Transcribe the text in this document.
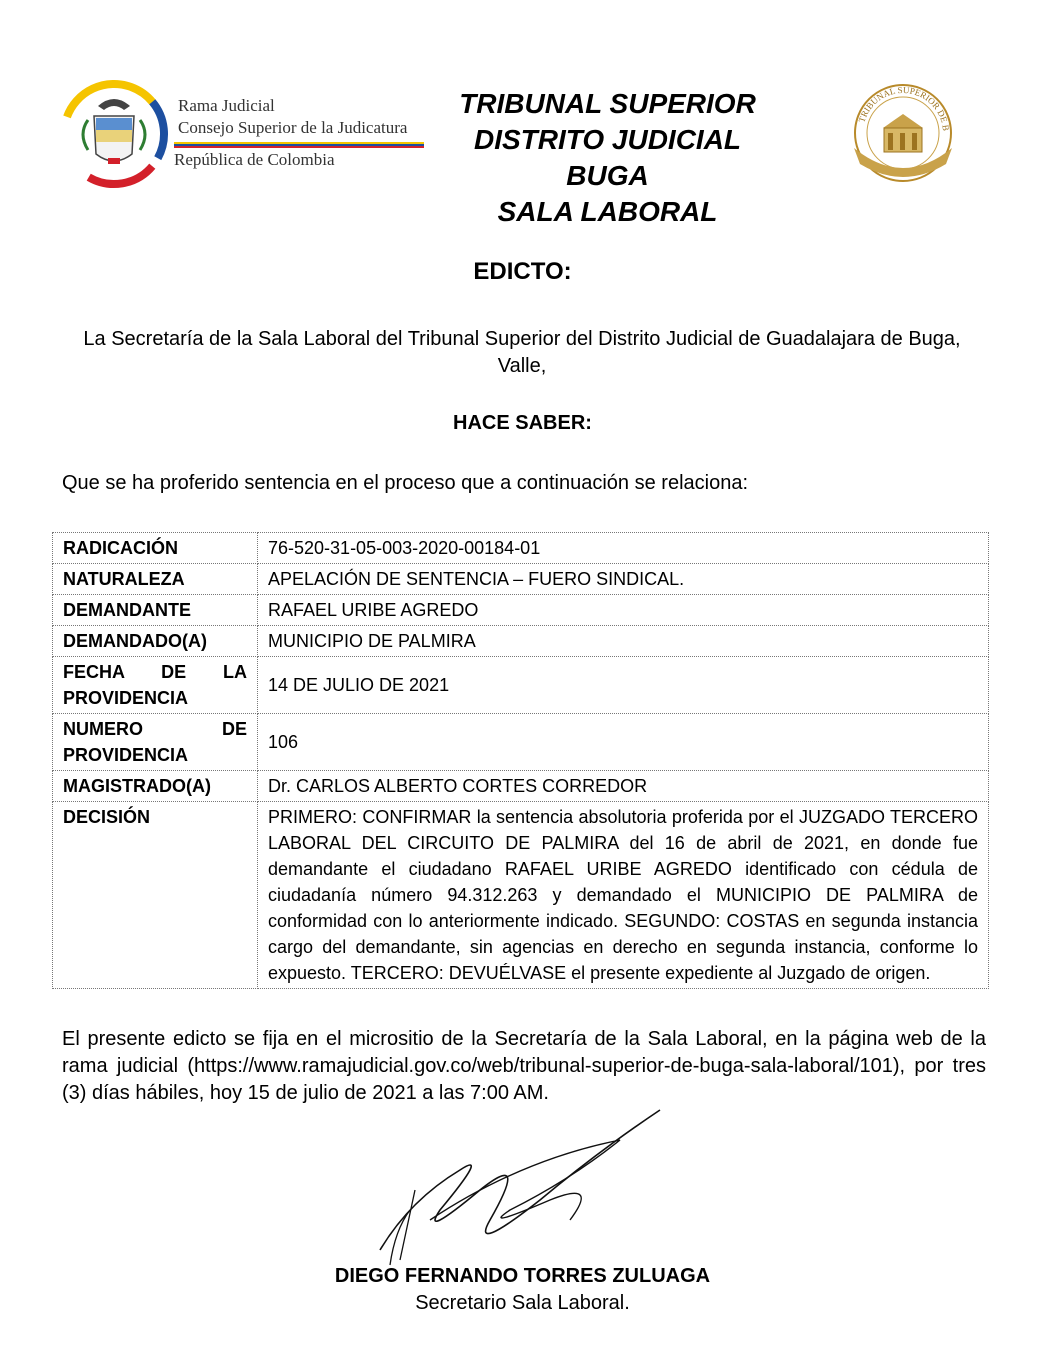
Rama Judicial
Consejo Superior de la Judicatura
República de Colombia
TRIBUNAL SUPERIOR
DISTRITO JUDICIAL BUGA
SALA LABORAL
TRIBUNAL SUPERIOR DE B
EDICTO:
La Secretaría de la Sala Laboral del Tribunal Superior del Distrito Judicial de Guadalajara de Buga, Valle,
HACE SABER:
Que se ha proferido sentencia en el proceso que a continuación se relaciona:
RADICACIÓN	76-520-31-05-003-2020-00184-01
NATURALEZA	APELACIÓN DE SENTENCIA – FUERO SINDICAL.
DEMANDANTE	RAFAEL URIBE AGREDO
DEMANDADO(A)	MUNICIPIO DE PALMIRA

FECHA DE LA
PROVIDENCIA	14 DE JULIO DE 2021

NUMERO DE
PROVIDENCIA	106
MAGISTRADO(A)	Dr. CARLOS ALBERTO CORTES CORREDOR
DECISIÓN	PRIMERO: CONFIRMAR la sentencia absolutoria proferida por el JUZGADO TERCERO LABORAL DEL CIRCUITO DE PALMIRA del 16 de abril de 2021, en donde fue demandante el ciudadano RAFAEL URIBE AGREDO identificado con cédula de ciudadanía número 94.312.263 y demandado el MUNICIPIO DE PALMIRA de conformidad con lo anteriormente indicado. SEGUNDO: COSTAS en segunda instancia cargo del demandante, sin agencias en derecho en segunda instancia, conforme lo expuesto. TERCERO: DEVUÉLVASE el presente expediente al Juzgado de origen.
El presente edicto se fija en el micrositio de la Secretaría de la Sala Laboral, en la página web de la rama judicial (https://www.ramajudicial.gov.co/web/tribunal-superior-de-buga-sala-laboral/101), por tres (3) días hábiles, hoy 15 de julio de 2021 a las 7:00 AM.
DIEGO FERNANDO TORRES ZULUAGA
Secretario Sala Laboral.
